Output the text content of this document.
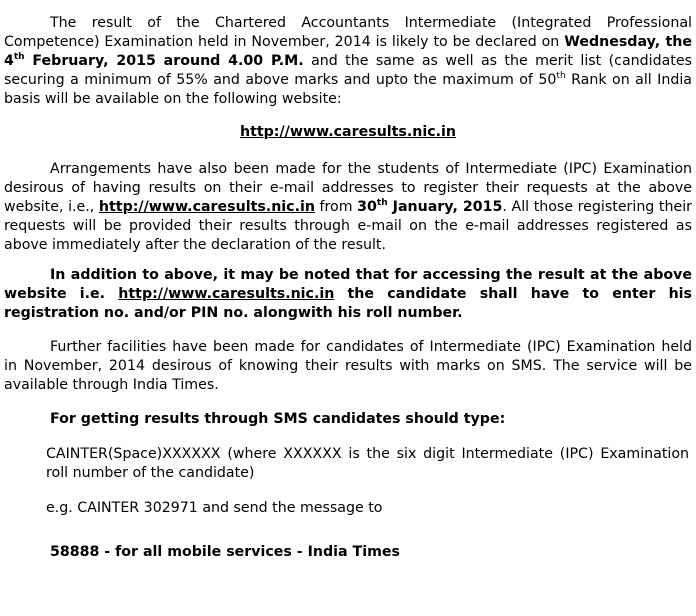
The result of the Chartered Accountants Intermediate (Integrated Professional Competence) Examination held in November, 2014 is likely to be declared on Wednesday, the 4th February, 2015 around 4.00 P.M. and the same as well as the merit list (candidates securing a minimum of 55% and above marks and upto the maximum of 50th Rank on all India basis will be available on the following website:

http://www.caresults.nic.in

Arrangements have also been made for the students of Intermediate (IPC) Examination desirous of having results on their e-mail addresses to register their requests at the above website, i.e., http://www.caresults.nic.in from 30th January, 2015. All those registering their requests will be provided their results through e-mail on the e-mail addresses registered as above immediately after the declaration of the result.

In addition to above, it may be noted that for accessing the result at the above website i.e. http://www.caresults.nic.in the candidate shall have to enter his registration no. and/or PIN no. alongwith his roll number.

Further facilities have been made for candidates of Intermediate (IPC) Examination held in November, 2014 desirous of knowing their results with marks on SMS. The service will be available through India Times.

For getting results through SMS candidates should type:

CAINTER(Space)XXXXXX (where XXXXXX is the six digit Intermediate (IPC) Examination roll number of the candidate)

e.g. CAINTER 302971 and send the message to

58888 - for all mobile services - India Times
